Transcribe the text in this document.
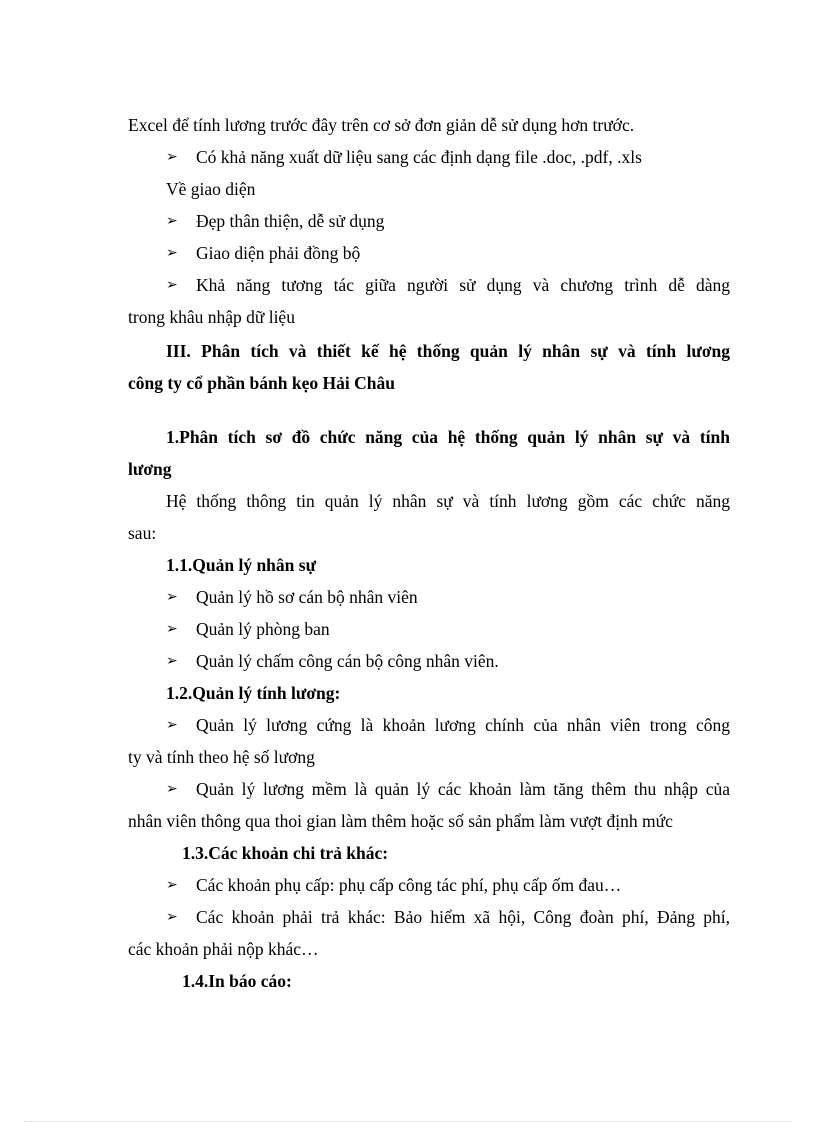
Excel để tính lương trước đây trên cơ sở đơn giản dễ sử dụng hơn trước.
➢ Có khả năng xuất dữ liệu sang các định dạng file .doc, .pdf, .xls
Về giao diện
➢ Đẹp thân thiện, dễ sử dụng
➢ Giao diện phải đồng bộ
➢ Khả năng tương tác giữa người sử dụng và chương trình dễ dàng
trong khâu nhập dữ liệu
III. Phân tích và thiết kế hệ thống quản lý nhân sự và tính lương
công ty cổ phần bánh kẹo Hải Châu
1.Phân tích sơ đồ chức năng của hệ thống quản lý nhân sự và tính
lương
Hệ thống thông tin quản lý nhân sự và tính lương gồm các chức năng
sau:
1.1.Quản lý nhân sự
➢ Quản lý hồ sơ cán bộ nhân viên
➢ Quản lý phòng ban
➢ Quản lý chấm công cán bộ công nhân viên.
1.2.Quản lý tính lương:
➢ Quản lý lương cứng là khoản lương chính của nhân viên trong công
ty và tính theo hệ số lương
➢ Quản lý lương mềm là quản lý các khoản làm tăng thêm thu nhập của
nhân viên thông qua thoi gian làm thêm hoặc số sản phẩm làm vượt định mức
1.3.Các khoản chi trả khác:
➢ Các khoản phụ cấp: phụ cấp công tác phí, phụ cấp ốm đau…
➢ Các khoản phải trả khác: Bảo hiểm xã hội, Công đoàn phí, Đảng phí,
các khoản phải nộp khác…
1.4.In báo cáo:
